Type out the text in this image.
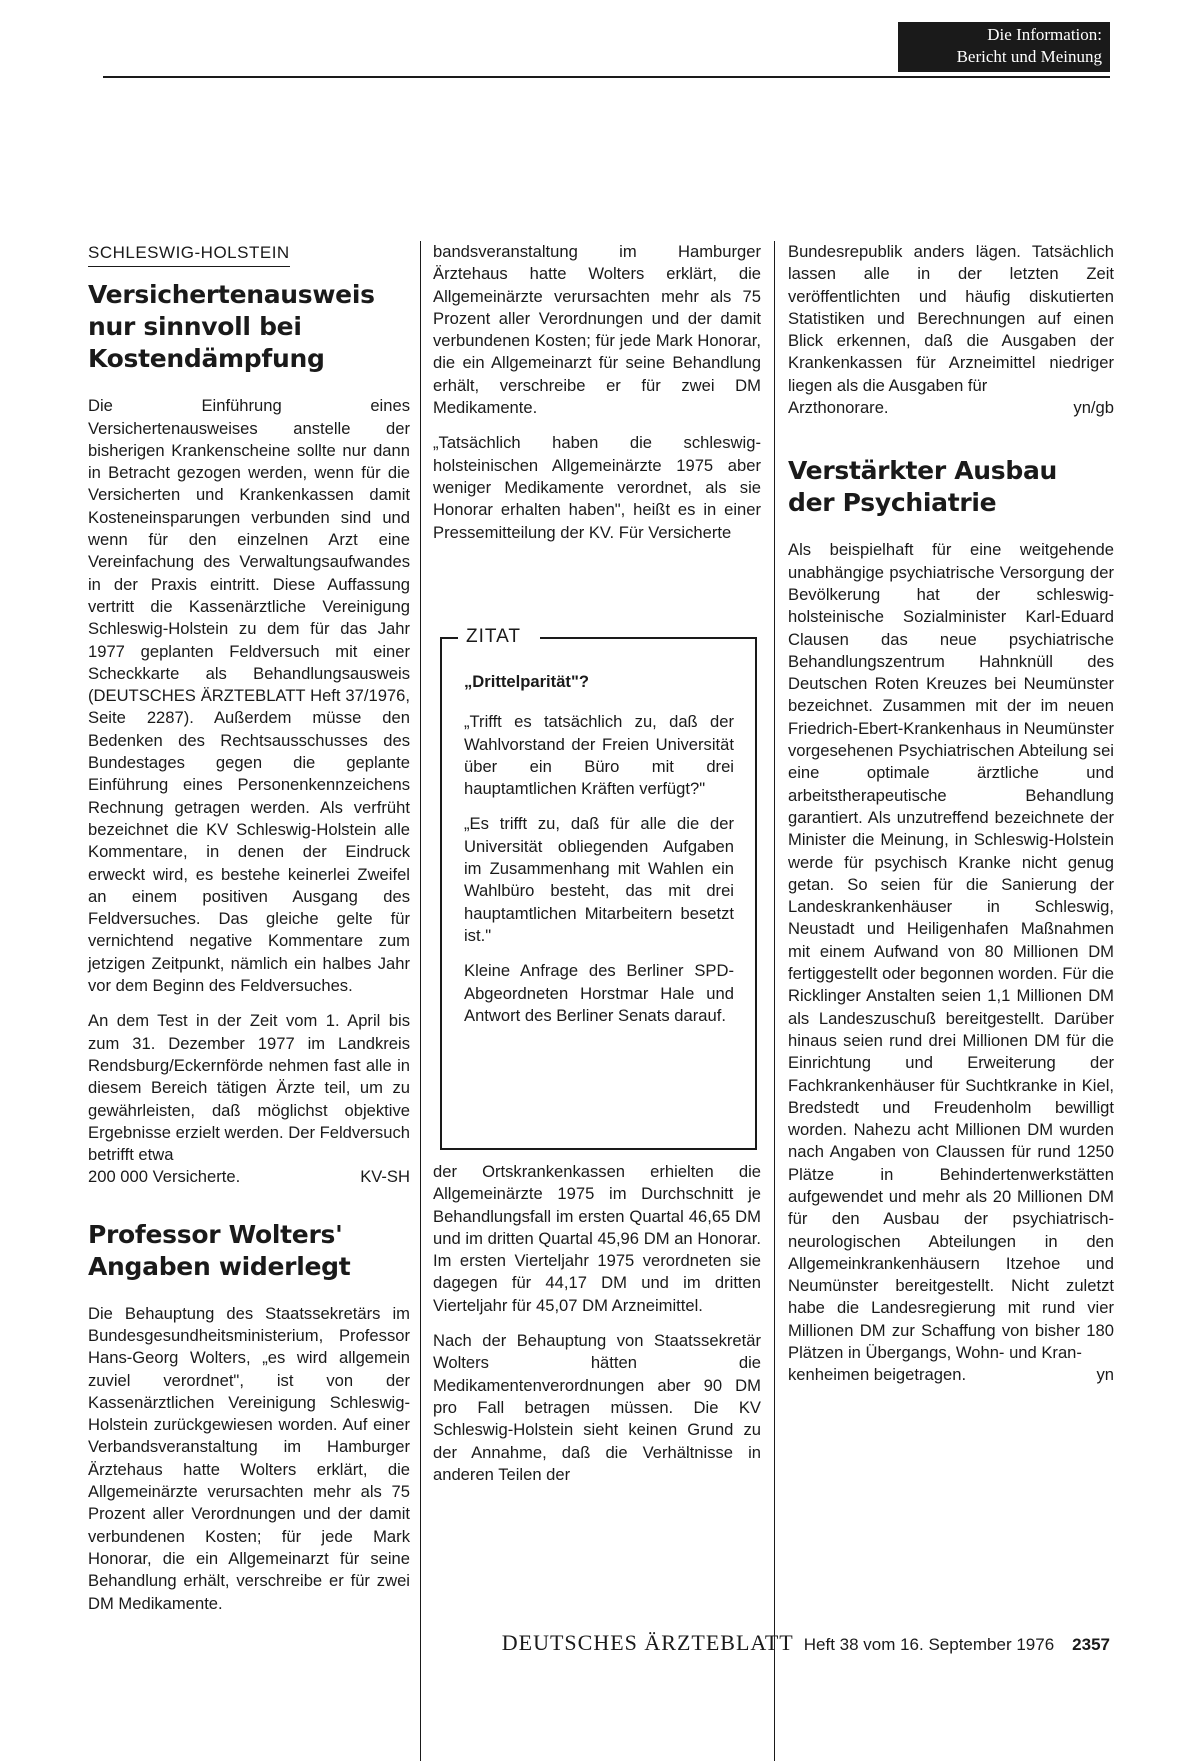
Die Information:
Bericht und Meinung
SCHLESWIG-HOLSTEIN
Versichertenausweis nur sinnvoll bei Kostendämpfung

Die Einführung eines Versichertenausweises anstelle der bisherigen Krankenscheine sollte nur dann in Betracht gezogen werden, wenn für die Versicherten und Krankenkassen damit Kosteneinsparungen verbunden sind und wenn für den einzelnen Arzt eine Vereinfachung des Verwaltungsaufwandes in der Praxis eintritt. Diese Auffassung vertritt die Kassenärztliche Vereinigung Schleswig-Holstein zu dem für das Jahr 1977 geplanten Feldversuch mit einer Scheckkarte als Behandlungsausweis (DEUTSCHES ÄRZTEBLATT Heft 37/1976, Seite 2287). Außerdem müsse den Bedenken des Rechtsausschusses des Bundestages gegen die geplante Einführung eines Personenkennzeichens Rechnung getragen werden. Als verfrüht bezeichnet die KV Schleswig-Holstein alle Kommentare, in denen der Eindruck erweckt wird, es bestehe keinerlei Zweifel an einem positiven Ausgang des Feldversuches. Das gleiche gelte für vernichtend negative Kommentare zum jetzigen Zeitpunkt, nämlich ein halbes Jahr vor dem Beginn des Feldversuches.

An dem Test in der Zeit vom 1. April bis zum 31. Dezember 1977 im Landkreis Rendsburg/Eckernförde nehmen fast alle in diesem Bereich tätigen Ärzte teil, um zu gewährleisten, daß möglichst objektive Ergebnisse erzielt werden. Der Feldversuch betrifft etwa

200 000 Versicherte.	KV-SH
Professor Wolters' Angaben widerlegt

Die Behauptung des Staatssekretärs im Bundesgesundheitsministerium, Professor Hans-Georg Wolters, „es wird allgemein zuviel verordnet", ist von der Kassenärztlichen Vereinigung Schleswig-Holstein zurückgewiesen worden. Auf einer Verbandsveranstaltung im Hamburger Ärztehaus hatte Wolters erklärt, die Allgemeinärzte verursachten mehr als 75 Prozent aller Verordnungen und der damit verbundenen Kosten; für jede Mark Honorar, die ein Allgemeinarzt für seine Behandlung erhält, verschreibe er für zwei DM Medikamente.

bandsveranstaltung im Hamburger Ärztehaus hatte Wolters erklärt, die Allgemeinärzte verursachten mehr als 75 Prozent aller Verordnungen und der damit verbundenen Kosten; für jede Mark Honorar, die ein Allgemeinarzt für seine Behandlung erhält, verschreibe er für zwei DM Medikamente.

„Tatsächlich haben die schleswig-holsteinischen Allgemeinärzte 1975 aber weniger Medikamente verordnet, als sie Honorar erhalten haben", heißt es in einer Pressemitteilung der KV. Für Versicherte

ZITAT

„Drittelparität"?

„Trifft es tatsächlich zu, daß der Wahlvorstand der Freien Universität über ein Büro mit drei hauptamtlichen Kräften verfügt?"

„Es trifft zu, daß für alle die der Universität obliegenden Aufgaben im Zusammenhang mit Wahlen ein Wahlbüro besteht, das mit drei hauptamtlichen Mitarbeitern besetzt ist."

Kleine Anfrage des Berliner SPD-Abgeordneten Horstmar Hale und Antwort des Berliner Senats darauf.

der Ortskrankenkassen erhielten die Allgemeinärzte 1975 im Durchschnitt je Behandlungsfall im ersten Quartal 46,65 DM und im dritten Quartal 45,96 DM an Honorar. Im ersten Vierteljahr 1975 verordneten sie dagegen für 44,17 DM und im dritten Vierteljahr für 45,07 DM Arzneimittel.

Nach der Behauptung von Staatssekretär Wolters hätten die Medikamentenverordnungen aber 90 DM pro Fall betragen müssen. Die KV Schleswig-Holstein sieht keinen Grund zu der Annahme, daß die Verhältnisse in anderen Teilen der

Bundesrepublik anders lägen. Tatsächlich lassen alle in der letzten Zeit veröffentlichten und häufig diskutierten Statistiken und Berechnungen auf einen Blick erkennen, daß die Ausgaben der Krankenkassen für Arzneimittel niedriger liegen als die Ausgaben für

Arzthonorare.	yn/gb
Verstärkter Ausbau der Psychiatrie

Als beispielhaft für eine weitgehende unabhängige psychiatrische Versorgung der Bevölkerung hat der schleswig-holsteinische Sozialminister Karl-Eduard Clausen das neue psychiatrische Behandlungszentrum Hahnknüll des Deutschen Roten Kreuzes bei Neumünster bezeichnet. Zusammen mit der im neuen Friedrich-Ebert-Krankenhaus in Neumünster vorgesehenen Psychiatrischen Abteilung sei eine optimale ärztliche und arbeitstherapeutische Behandlung garantiert. Als unzutreffend bezeichnete der Minister die Meinung, in Schleswig-Holstein werde für psychisch Kranke nicht genug getan. So seien für die Sanierung der Landeskrankenhäuser in Schleswig, Neustadt und Heiligenhafen Maßnahmen mit einem Aufwand von 80 Millionen DM fertiggestellt oder begonnen worden. Für die Ricklinger Anstalten seien 1,1 Millionen DM als Landeszuschuß bereitgestellt. Darüber hinaus seien rund drei Millionen DM für die Einrichtung und Erweiterung der Fachkrankenhäuser für Suchtkranke in Kiel, Bredstedt und Freudenholm bewilligt worden. Nahezu acht Millionen DM wurden nach Angaben von Claussen für rund 1250 Plätze in Behindertenwerkstätten aufgewendet und mehr als 20 Millionen DM für den Ausbau der psychiatrisch-neurologischen Abteilungen in den Allgemeinkrankenhäusern Itzehoe und Neumünster bereitgestellt. Nicht zuletzt habe die Landesregierung mit rund vier Millionen DM zur Schaffung von bisher 180 Plätzen in Übergangs, Wohn- und Kran-

kenheimen beigetragen.	yn
DEUTSCHES ÄRZTEBLATT Heft 38 vom 16. September 1976 2357
